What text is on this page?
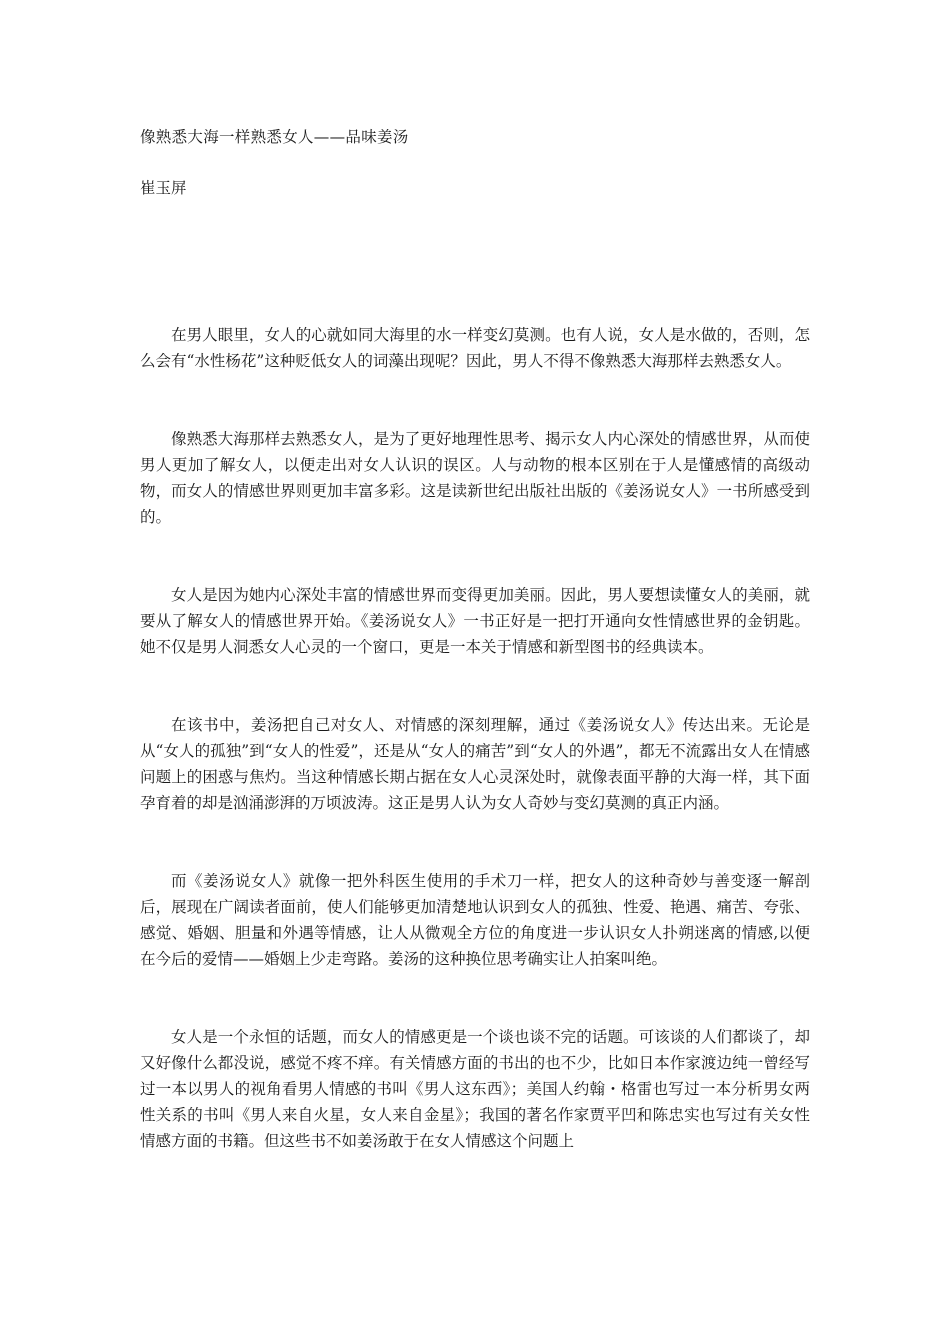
像熟悉大海一样熟悉女人——品味姜汤

崔玉屏

在男人眼里，女人的心就如同大海里的水一样变幻莫测。也有人说，女人是水做的，否则，怎么会有“水性杨花”这种贬低女人的词藻出现呢？因此，男人不得不像熟悉大海那样去熟悉女人。

像熟悉大海那样去熟悉女人，是为了更好地理性思考、揭示女人内心深处的情感世界，从而使男人更加了解女人，以便走出对女人认识的误区。人与动物的根本区别在于人是懂感情的高级动物，而女人的情感世界则更加丰富多彩。这是读新世纪出版社出版的《姜汤说女人》一书所感受到的。

女人是因为她内心深处丰富的情感世界而变得更加美丽。因此，男人要想读懂女人的美丽，就要从了解女人的情感世界开始。《姜汤说女人》一书正好是一把打开通向女性情感世界的金钥匙。她不仅是男人洞悉女人心灵的一个窗口，更是一本关于情感和新型图书的经典读本。

在该书中，姜汤把自己对女人、对情感的深刻理解，通过《姜汤说女人》传达出来。无论是从“女人的孤独”到“女人的性爱”，还是从“女人的痛苦”到“女人的外遇”，都无不流露出女人在情感问题上的困惑与焦灼。当这种情感长期占据在女人心灵深处时，就像表面平静的大海一样，其下面孕育着的却是汹涌澎湃的万顷波涛。这正是男人认为女人奇妙与变幻莫测的真正内涵。

而《姜汤说女人》就像一把外科医生使用的手术刀一样，把女人的这种奇妙与善变逐一解剖后，展现在广阔读者面前，使人们能够更加清楚地认识到女人的孤独、性爱、艳遇、痛苦、夸张、感觉、婚姻、胆量和外遇等情感，让人从微观全方位的角度进一步认识女人扑朔迷离的情感,以便在今后的爱情——婚姻上少走弯路。姜汤的这种换位思考确实让人拍案叫绝。

女人是一个永恒的话题，而女人的情感更是一个谈也谈不完的话题。可该谈的人们都谈了，却又好像什么都没说，感觉不疼不痒。有关情感方面的书出的也不少，比如日本作家渡边纯一曾经写过一本以男人的视角看男人情感的书叫《男人这东西》；美国人约翰・格雷也写过一本分析男女两性关系的书叫《男人来自火星，女人来自金星》；我国的著名作家贾平凹和陈忠实也写过有关女性情感方面的书籍。但这些书不如姜汤敢于在女人情感这个问题上
